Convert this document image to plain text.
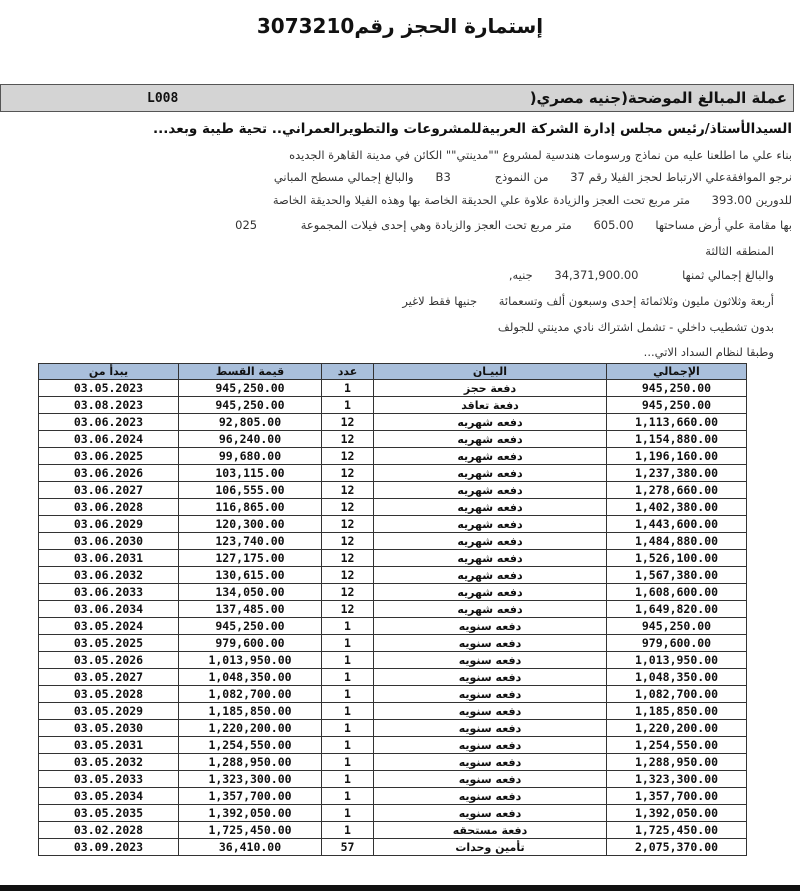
إستمارة الحجز رقم3073210
عملة المبالغ الموضحة(جنيه مصري(
L008
السيدالأستاذ/رئيس مجلس إدارة الشركة العربيةللمشروعات والتطويرالعمراني.. تحية طيبة وبعد...
بناء علي ما اطلعنا عليه من نماذج ورسومات هندسية لمشروع ""مدينتي"" الكائن في مدينة القاهرة الجديده
نرجو الموافقةعلي الارتباط لحجز الفيلا رقم 37 من النموذج B3 والبالغ إجمالي مسطح المباني
للدورين 393.00 متر مربع تحت العجز والزيادة علاوة علي الحديقة الخاصة بها وهذه الفيلا والحديقة الخاصة
بها مقامة علي أرض مساحتها 605.00 متر مربع تحت العجز والزيادة وهي إحدى فيلات المجموعة 025
المنطقه الثالثة
والبالغ إجمالي ثمنها 34,371,900.00 جنيه,
أربعة وثلاثون مليون وثلاثمائة إحدى وسبعون ألف وتسعمائة جنيها فقط لاغير
بدون تشطيب داخلي - تشمل اشتراك نادي مدينتي للجولف
وطبقا لنظام السداد الاتي...
يبدأ من	قيمة القسط	عدد	البيـان	الإجمالي
03.05.2023	945,250.00	1	دفعة حجز	945,250.00
03.08.2023	945,250.00	1	دفعة تعاقد	945,250.00
03.06.2023	92,805.00	12	دفعه شهريه	1,113,660.00
03.06.2024	96,240.00	12	دفعه شهريه	1,154,880.00
03.06.2025	99,680.00	12	دفعه شهريه	1,196,160.00
03.06.2026	103,115.00	12	دفعه شهريه	1,237,380.00
03.06.2027	106,555.00	12	دفعه شهريه	1,278,660.00
03.06.2028	116,865.00	12	دفعه شهريه	1,402,380.00
03.06.2029	120,300.00	12	دفعه شهريه	1,443,600.00
03.06.2030	123,740.00	12	دفعه شهريه	1,484,880.00
03.06.2031	127,175.00	12	دفعه شهريه	1,526,100.00
03.06.2032	130,615.00	12	دفعه شهريه	1,567,380.00
03.06.2033	134,050.00	12	دفعه شهريه	1,608,600.00
03.06.2034	137,485.00	12	دفعه شهريه	1,649,820.00
03.05.2024	945,250.00	1	دفعه سنويه	945,250.00
03.05.2025	979,600.00	1	دفعه سنويه	979,600.00
03.05.2026	1,013,950.00	1	دفعه سنويه	1,013,950.00
03.05.2027	1,048,350.00	1	دفعه سنويه	1,048,350.00
03.05.2028	1,082,700.00	1	دفعه سنويه	1,082,700.00
03.05.2029	1,185,850.00	1	دفعه سنويه	1,185,850.00
03.05.2030	1,220,200.00	1	دفعه سنويه	1,220,200.00
03.05.2031	1,254,550.00	1	دفعه سنويه	1,254,550.00
03.05.2032	1,288,950.00	1	دفعه سنويه	1,288,950.00
03.05.2033	1,323,300.00	1	دفعه سنويه	1,323,300.00
03.05.2034	1,357,700.00	1	دفعه سنويه	1,357,700.00
03.05.2035	1,392,050.00	1	دفعه سنويه	1,392,050.00
03.02.2028	1,725,450.00	1	دفعة مستحقه	1,725,450.00
03.09.2023	36,410.00	57	تأمين وحدات	2,075,370.00
